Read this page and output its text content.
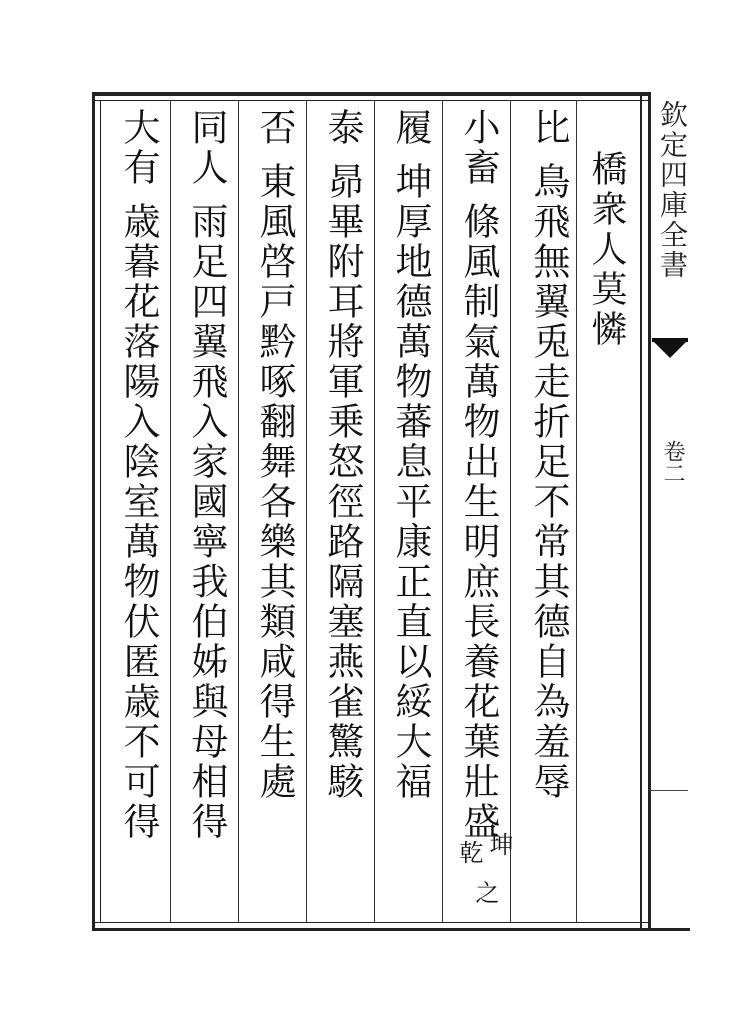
欽定四庫全書
卷二
橋衆人莫憐
比鳥飛無翼兎走折足不常其德自為羞辱
小畜條風制氣萬物出生明庶長養花葉壯盛
坤
乾
之
履坤厚地德萬物蕃息平康正直以綏大福
泰昴畢附耳將軍乗怒徑路隔塞燕雀驚駭
否東風啓戸黔啄翻舞各樂其類咸得生處
同人雨足四翼飛入家國寧我伯姊與母相得
大有歳暮花落陽入陰室萬物伏匿歳不可得
